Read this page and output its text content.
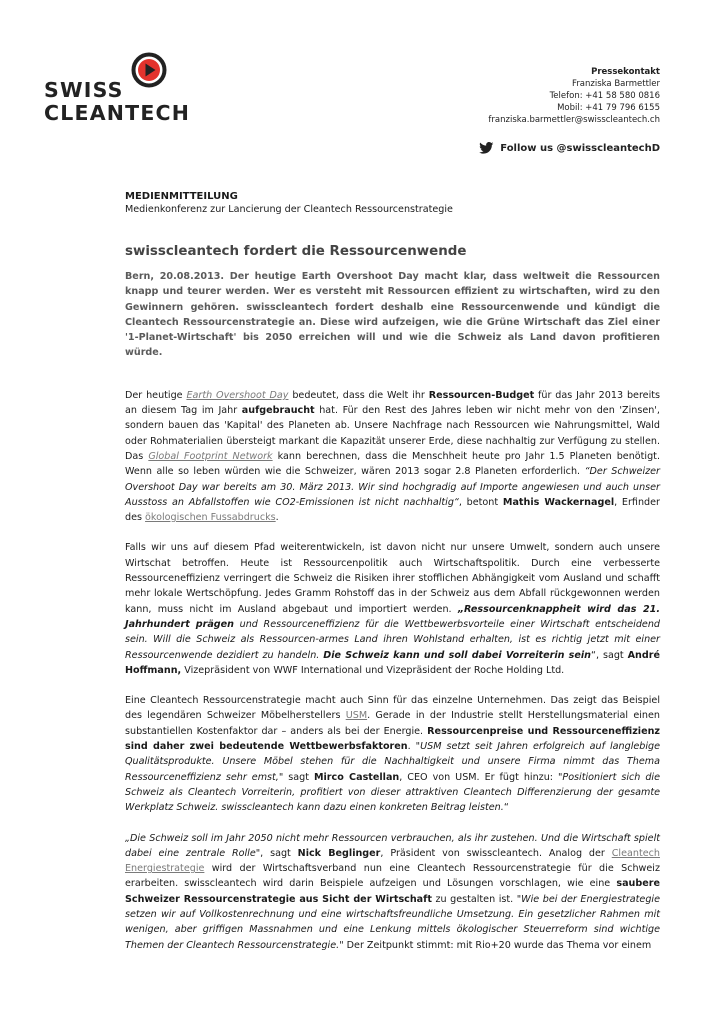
SWISS
CLEANTECH
Pressekontakt
Franziska Barmettler
Telefon: +41 58 580 0816
Mobil: +41 79 796 6155
franziska.barmettler@swisscleantech.ch
Follow us @swisscleantechD
MEDIENMITTEILUNG
Medienkonferenz zur Lancierung der Cleantech Ressourcenstrategie
swisscleantech fordert die Ressourcenwende

Bern, 20.08.2013. Der heutige Earth Overshoot Day macht klar, dass weltweit die Ressourcen knapp und teurer werden. Wer es versteht mit Ressourcen effizient zu wirtschaften, wird zu den Gewinnern gehören. swisscleantech fordert deshalb eine Ressourcenwende und kündigt die Cleantech Ressourcenstrategie an. Diese wird aufzeigen, wie die Grüne Wirtschaft das Ziel einer '1-Planet-Wirtschaft' bis 2050 erreichen will und wie die Schweiz als Land davon profitieren würde.

Der heutige Earth Overshoot Day bedeutet, dass die Welt ihr Ressourcen-Budget für das Jahr 2013 bereits an diesem Tag im Jahr aufgebraucht hat. Für den Rest des Jahres leben wir nicht mehr von den 'Zinsen', sondern bauen das 'Kapital' des Planeten ab. Unsere Nachfrage nach Ressourcen wie Nahrungsmittel, Wald oder Rohmaterialien übersteigt markant die Kapazität unserer Erde, diese nachhaltig zur Verfügung zu stellen. Das Global Footprint Network kann berechnen, dass die Menschheit heute pro Jahr 1.5 Planeten benötigt. Wenn alle so leben würden wie die Schweizer, wären 2013 sogar 2.8 Planeten erforderlich. “Der Schweizer Overshoot Day war bereits am 30. März 2013. Wir sind hochgradig auf Importe angewiesen und auch unser Ausstoss an Abfallstoffen wie CO2-Emissionen ist nicht nachhaltig“, betont Mathis Wackernagel, Erfinder des ökologischen Fussabdrucks.

Falls wir uns auf diesem Pfad weiterentwickeln, ist davon nicht nur unsere Umwelt, sondern auch unsere Wirtschat betroffen. Heute ist Ressourcenpolitik auch Wirtschaftspolitik. Durch eine verbesserte Ressourceneffizienz verringert die Schweiz die Risiken ihrer stofflichen Abhängigkeit vom Ausland und schafft mehr lokale Wertschöpfung. Jedes Gramm Rohstoff das in der Schweiz aus dem Abfall rückgewonnen werden kann, muss nicht im Ausland abgebaut und importiert werden. „Ressourcenknappheit wird das 21. Jahrhundert prägen und Ressourceneffizienz für die Wettbewerbsvorteile einer Wirtschaft entscheidend sein. Will die Schweiz als Ressourcen-armes Land ihren Wohlstand erhalten, ist es richtig jetzt mit einer Ressourcenwende dezidiert zu handeln. Die Schweiz kann und soll dabei Vorreiterin sein“, sagt André Hoffmann, Vizepräsident von WWF International und Vizepräsident der Roche Holding Ltd.

Eine Cleantech Ressourcenstrategie macht auch Sinn für das einzelne Unternehmen. Das zeigt das Beispiel des legendären Schweizer Möbelherstellers USM. Gerade in der Industrie stellt Herstellungsmaterial einen substantiellen Kostenfaktor dar – anders als bei der Energie. Ressourcenpreise und Ressourceneffizienz sind daher zwei bedeutende Wettbewerbsfaktoren. "USM setzt seit Jahren erfolgreich auf langlebige Qualitätsprodukte. Unsere Möbel stehen für die Nachhaltigkeit und unsere Firma nimmt das Thema Ressourceneffizienz sehr emst," sagt Mirco Castellan, CEO von USM. Er fügt hinzu: "Positioniert sich die Schweiz als Cleantech Vorreiterin, profitiert von dieser attraktiven Cleantech Differenzierung der gesamte Werkplatz Schweiz. swisscleantech kann dazu einen konkreten Beitrag leisten.“

„Die Schweiz soll im Jahr 2050 nicht mehr Ressourcen verbrauchen, als ihr zustehen. Und die Wirtschaft spielt dabei eine zentrale Rolle", sagt Nick Beglinger, Präsident von swisscleantech. Analog der Cleantech Energiestrategie wird der Wirtschaftsverband nun eine Cleantech Ressourcenstrategie für die Schweiz erarbeiten. swisscleantech wird darin Beispiele aufzeigen und Lösungen vorschlagen, wie eine saubere Schweizer Ressourcenstrategie aus Sicht der Wirtschaft zu gestalten ist. "Wie bei der Energiestrategie setzen wir auf Vollkostenrechnung und eine wirtschaftsfreundliche Umsetzung. Ein gesetzlicher Rahmen mit wenigen, aber griffigen Massnahmen und eine Lenkung mittels ökologischer Steuerreform sind wichtige Themen der Cleantech Ressourcenstrategie." Der Zeitpunkt stimmt: mit Rio+20 wurde das Thema vor einem
